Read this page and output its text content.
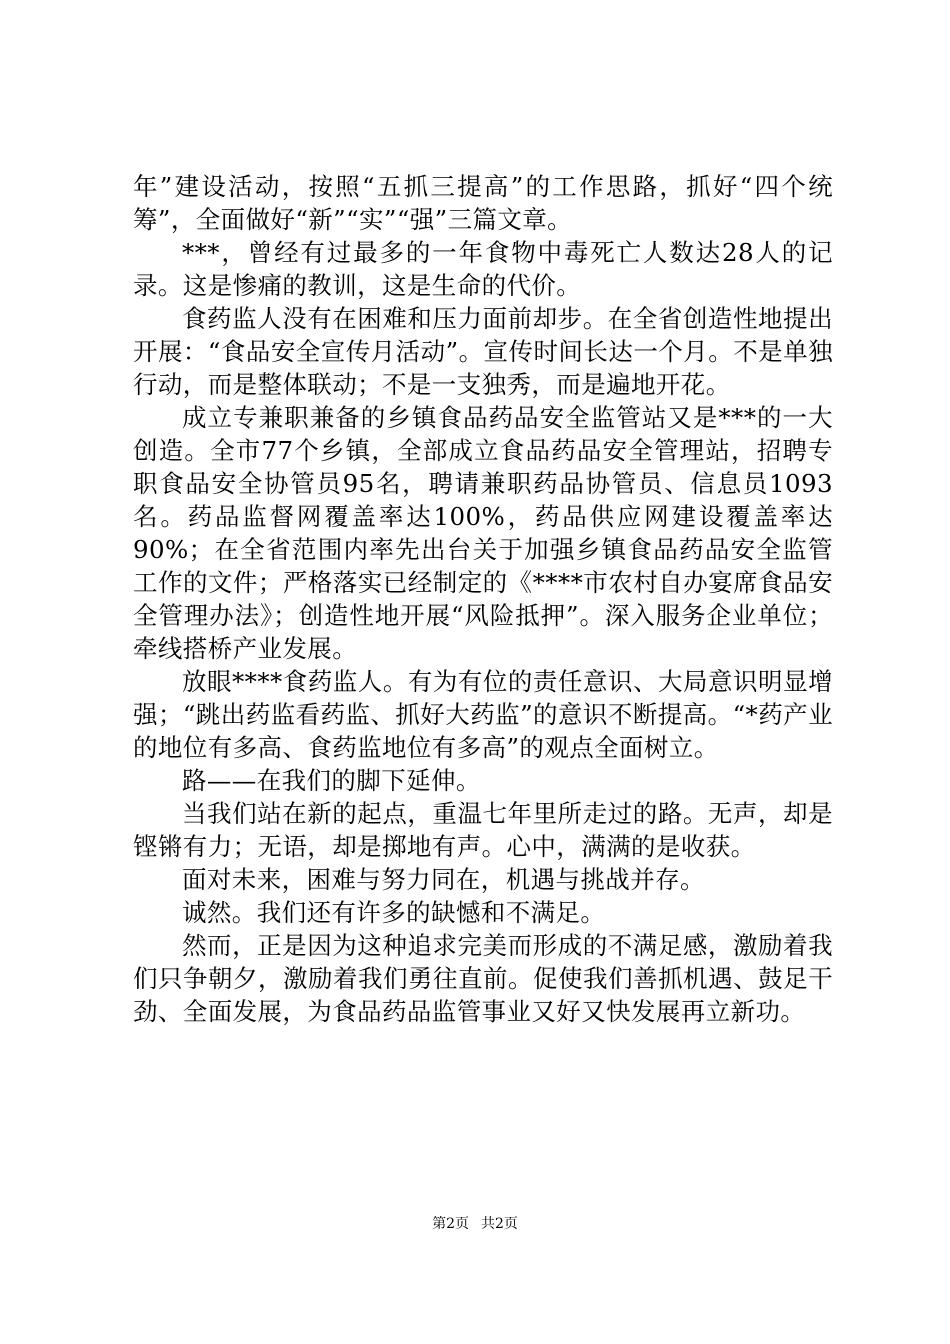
年”建设活动，按照“五抓三提高”的工作思路，抓好“四个统筹”，全面做好“新”“实”“强”三篇文章。

***，曾经有过最多的一年食物中毒死亡人数达28人的记录。这是惨痛的教训，这是生命的代价。

食药监人没有在困难和压力面前却步。在全省创造性地提出开展：“食品安全宣传月活动”。宣传时间长达一个月。不是单独行动，而是整体联动；不是一支独秀，而是遍地开花。

成立专兼职兼备的乡镇食品药品安全监管站又是***的一大创造。全市77个乡镇，全部成立食品药品安全管理站，招聘专职食品安全协管员95名，聘请兼职药品协管员、信息员1093名。药品监督网覆盖率达100%，药品供应网建设覆盖率达90%；在全省范围内率先出台关于加强乡镇食品药品安全监管工作的文件；严格落实已经制定的《****市农村自办宴席食品安全管理办法》；创造性地开展“风险抵押”。深入服务企业单位；牵线搭桥产业发展。

放眼****食药监人。有为有位的责任意识、大局意识明显增强；“跳出药监看药监、抓好大药监”的意识不断提高。“*药产业的地位有多高、食药监地位有多高”的观点全面树立。

路——在我们的脚下延伸。

当我们站在新的起点，重温七年里所走过的路。无声，却是铿锵有力；无语，却是掷地有声。心中，满满的是收获。

面对未来，困难与努力同在，机遇与挑战并存。

诚然。我们还有许多的缺憾和不满足。

然而，正是因为这种追求完美而形成的不满足感，激励着我们只争朝夕，激励着我们勇往直前。促使我们善抓机遇、鼓足干劲、全面发展，为食品药品监管事业又好又快发展再立新功。

第2页 共2页
